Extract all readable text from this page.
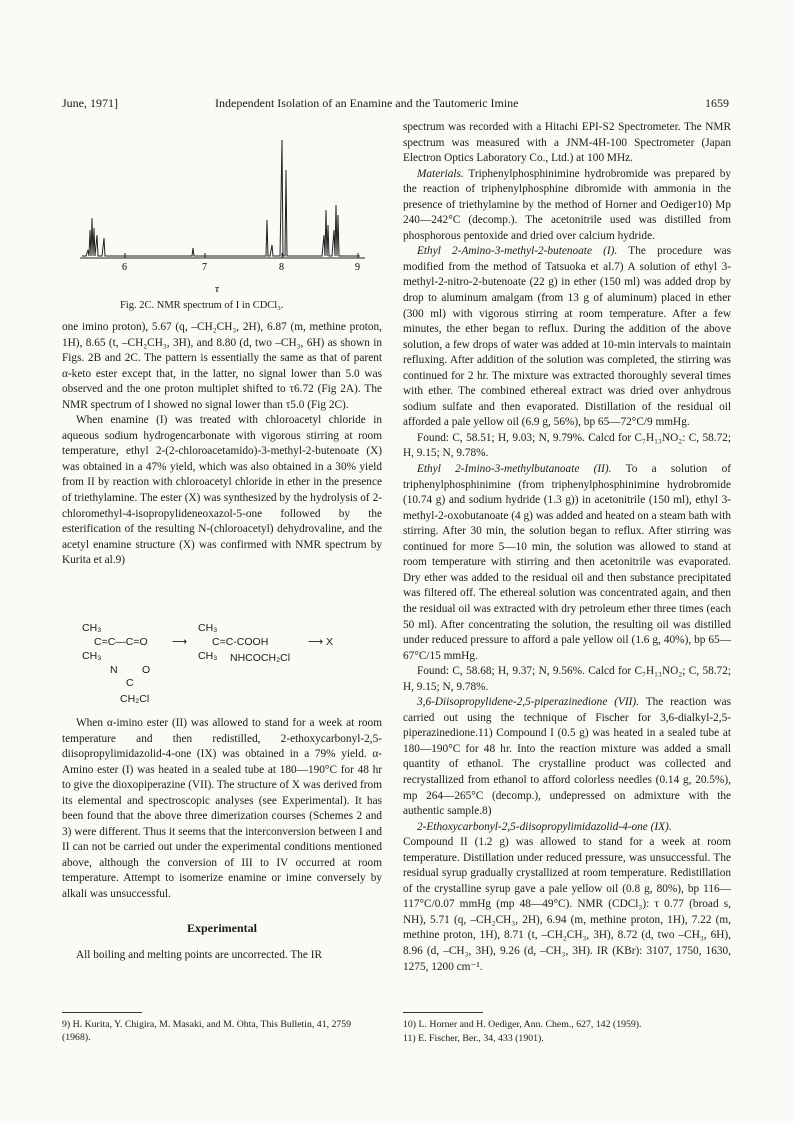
June, 1971]	Independent Isolation of an Enamine and the Tautomeric Imine	1659
6	7	8	9
τ
Fig. 2C. NMR spectrum of I in CDCl₃.

one imino proton), 5.67 (q, –CH₂CH₃, 2H), 6.87 (m, methine proton, 1H), 8.65 (t, –CH₂CH₃, 3H), and 8.80 (d, two –CH₃, 6H) as shown in Figs. 2B and 2C. The pattern is essentially the same as that of parent α-keto ester except that, in the latter, no signal lower than 5.0 was observed and the one proton multiplet shifted to τ6.72 (Fig 2A). The NMR spectrum of I showed no signal lower than τ5.0 (Fig 2C).

When enamine (I) was treated with chloroacetyl chloride in aqueous sodium hydrogencarbonate with vigorous stirring at room temperature, ethyl 2-(2-chloroacetamido)-3-methyl-2-butenoate (X) was obtained in a 47% yield, which was also obtained in a 30% yield from II by reaction with chloroacetyl chloride in ether in the presence of triethylamine. The ester (X) was synthesized by the hydrolysis of 2-chloromethyl-4-isopropylideneoxazol-5-one followed by the esterification of the resulting N-(chloroacetyl) dehydrovaline, and the acetyl enamine structure (X) was confirmed with NMR spectrum by Kurita et al.9)

CH₃
C=C—C=O
CH₃
N O
C
CH₂Cl
⟶
CH₃
C=C-COOH
CH₃ NHCOCH₂Cl
⟶ X

When α-imino ester (II) was allowed to stand for a week at room temperature and then redistilled, 2-ethoxycarbonyl-2,5-diisopropylimidazolid-4-one (IX) was obtained in a 79% yield. α-Amino ester (I) was heated in a sealed tube at 180—190°C for 48 hr to give the dioxopiperazine (VII). The structure of X was derived from its elemental and spectroscopic analyses (see Experimental). It has been found that the above three dimerization courses (Schemes 2 and 3) were different. Thus it seems that the interconversion between I and II can not be carried out under the experimental conditions mentioned above, although the conversion of III to IV occurred at room temperature. Attempt to isomerize enamine or imine conversely by alkali was unsuccessful.

Experimental

All boiling and melting points are uncorrected. The IR

spectrum was recorded with a Hitachi EPI-S2 Spectrometer. The NMR spectrum was measured with a JNM-4H-100 Spectrometer (Japan Electron Optics Laboratory Co., Ltd.) at 100 MHz.

Materials. Triphenylphosphinimine hydrobromide was prepared by the reaction of triphenylphosphine dibromide with ammonia in the presence of triethylamine by the method of Horner and Oediger10) Mp 240—242°C (decomp.). The acetonitrile used was distilled from phosphorous pentoxide and dried over calcium hydride.

Ethyl 2-Amino-3-methyl-2-butenoate (I). The procedure was modified from the method of Tatsuoka et al.7) A solution of ethyl 3-methyl-2-nitro-2-butenoate (22 g) in ether (150 ml) was added drop by drop to aluminum amalgam (from 13 g of aluminum) placed in ether (300 ml) with vigorous stirring at room temperature. After a few minutes, the ether began to reflux. During the addition of the above solution, a few drops of water was added at 10-min intervals to maintain refluxing. After addition of the solution was completed, the stirring was continued for 2 hr. The mixture was extracted thoroughly several times with ether. The combined ethereal extract was dried over anhydrous sodium sulfate and then evaporated. Distillation of the residual oil afforded a pale yellow oil (6.9 g, 56%), bp 65—72°C/9 mmHg.

Found: C, 58.51; H, 9.03; N, 9.79%. Calcd for C₇H₁₃NO₂: C, 58.72; H, 9.15; N, 9.78%.

Ethyl 2-Imino-3-methylbutanoate (II). To a solution of triphenylphosphinimine (from triphenylphosphinimine hydrobromide (10.74 g) and sodium hydride (1.3 g)) in acetonitrile (150 ml), ethyl 3-methyl-2-oxobutanoate (4 g) was added and heated on a steam bath with stirring. After 30 min, the solution began to reflux. After stirring was continued for more 5—10 min, the solution was allowed to stand at room temperature with stirring and then acetonitrile was evaporated. Dry ether was added to the residual oil and then substance precipitated was filtered off. The ethereal solution was concentrated again, and then the residual oil was extracted with dry petroleum ether three times (each 50 ml). After concentrating the solution, the resulting oil was distilled under reduced pressure to afford a pale yellow oil (1.6 g, 40%), bp 65—67°C/15 mmHg.

Found: C, 58.68; H, 9.37; N, 9.56%. Calcd for C₇H₁₃NO₂; C, 58.72; H, 9.15; N, 9.78%.

3,6-Diisopropylidene-2,5-piperazinedione (VII). The reaction was carried out using the technique of Fischer for 3,6-dialkyl-2,5-piperazinedione.11) Compound I (0.5 g) was heated in a sealed tube at 180—190°C for 48 hr. Into the reaction mixture was added a small quantity of ethanol. The crystalline product was collected and recrystallized from ethanol to afford colorless needles (0.14 g, 20.5%), mp 264—265°C (decomp.), undepressed on admixture with the authentic sample.8)

2-Ethoxycarbonyl-2,5-diisopropylimidazolid-4-one (IX).

Compound II (1.2 g) was allowed to stand for a week at room temperature. Distillation under reduced pressure, was unsuccessful. The residual syrup gradually crystallized at room temperature. Redistillation of the crystalline syrup gave a pale yellow oil (0.8 g, 80%), bp 116—117°C/0.07 mmHg (mp 48—49°C). NMR (CDCl₃): τ 0.77 (broad s, NH), 5.71 (q, –CH₂CH₃, 2H), 6.94 (m, methine proton, 1H), 7.22 (m, methine proton, 1H), 8.71 (t, –CH₂CH₃, 3H), 8.72 (d, two –CH₃, 6H), 8.96 (d, –CH₃, 3H), 9.26 (d, –CH₃, 3H). IR (KBr): 3107, 1750, 1630, 1275, 1200 cm⁻¹.

9) H. Kurita, Y. Chigira, M. Masaki, and M. Ohta, This Bulletin, 41, 2759 (1968).
10) L. Horner and H. Oediger, Ann. Chem., 627, 142 (1959).
11) E. Fischer, Ber., 34, 433 (1901).
